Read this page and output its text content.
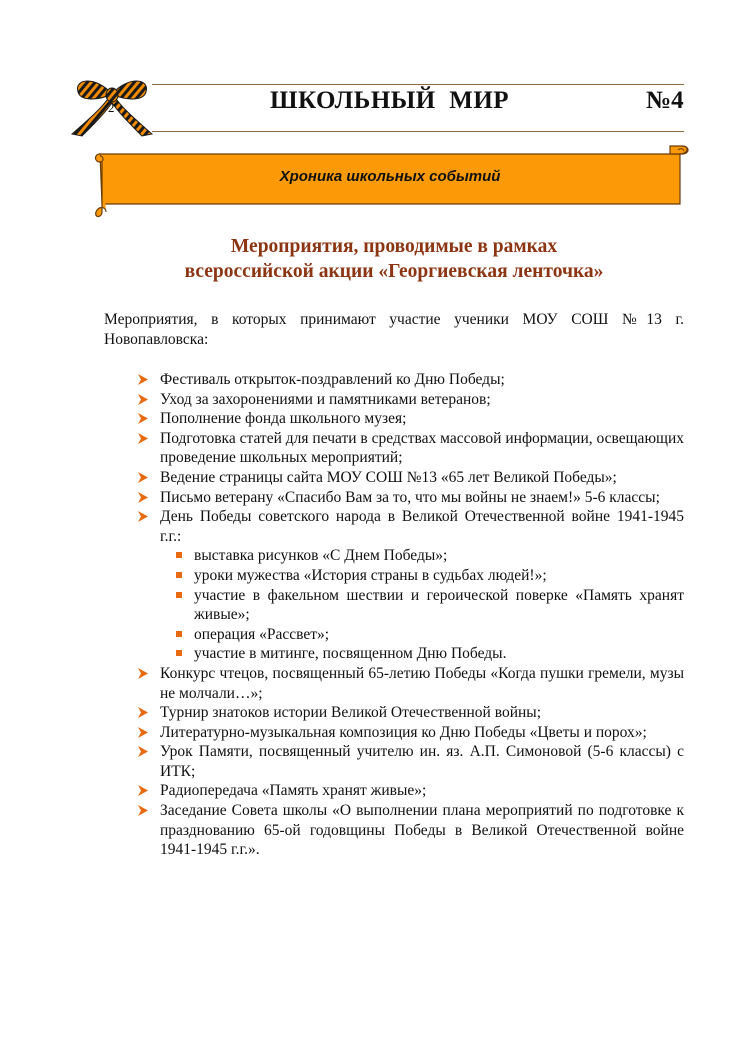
2	ШКОЛЬНЫЙ  МИР	№4
Хроника школьных событий
Мероприятия, проводимые в рамках
всероссийской акции «Георгиевская ленточка»
Мероприятия, в которых принимают участие ученики МОУ СОШ №13 г. Новопавловска:
Фестиваль открыток-поздравлений ко Дню Победы;
Уход за захоронениями и памятниками ветеранов;
Пополнение фонда школьного музея;
Подготовка статей для печати в средствах массовой информации, освещающих проведение школьных мероприятий;
Ведение страницы сайта МОУ СОШ №13 «65 лет Великой Победы»;
Письмо ветерану «Спасибо Вам за то, что мы войны не знаем!» 5-6 классы;
День Победы советского народа в Великой Отечественной войне 1941-1945 г.г.:
выставка рисунков «С Днем Победы»;
уроки мужества «История страны в судьбах людей!»;
участие в факельном шествии и героической поверке «Память хранят живые»;
операция «Рассвет»;
участие в митинге, посвященном Дню Победы.
Конкурс чтецов, посвященный 65-летию Победы «Когда пушки гремели, музы не молчали…»;
Турнир знатоков истории Великой Отечественной войны;
Литературно-музыкальная композиция ко Дню Победы «Цветы и порох»;
Урок Памяти, посвященный учителю ин. яз. А.П. Симоновой (5-6 классы) с ИТК;
Радиопередача «Память хранят живые»;
Заседание Совета школы «О выполнении плана мероприятий по подготовке к празднованию 65-ой годовщины Победы в Великой Отечественной войне 1941-1945 г.г.».
